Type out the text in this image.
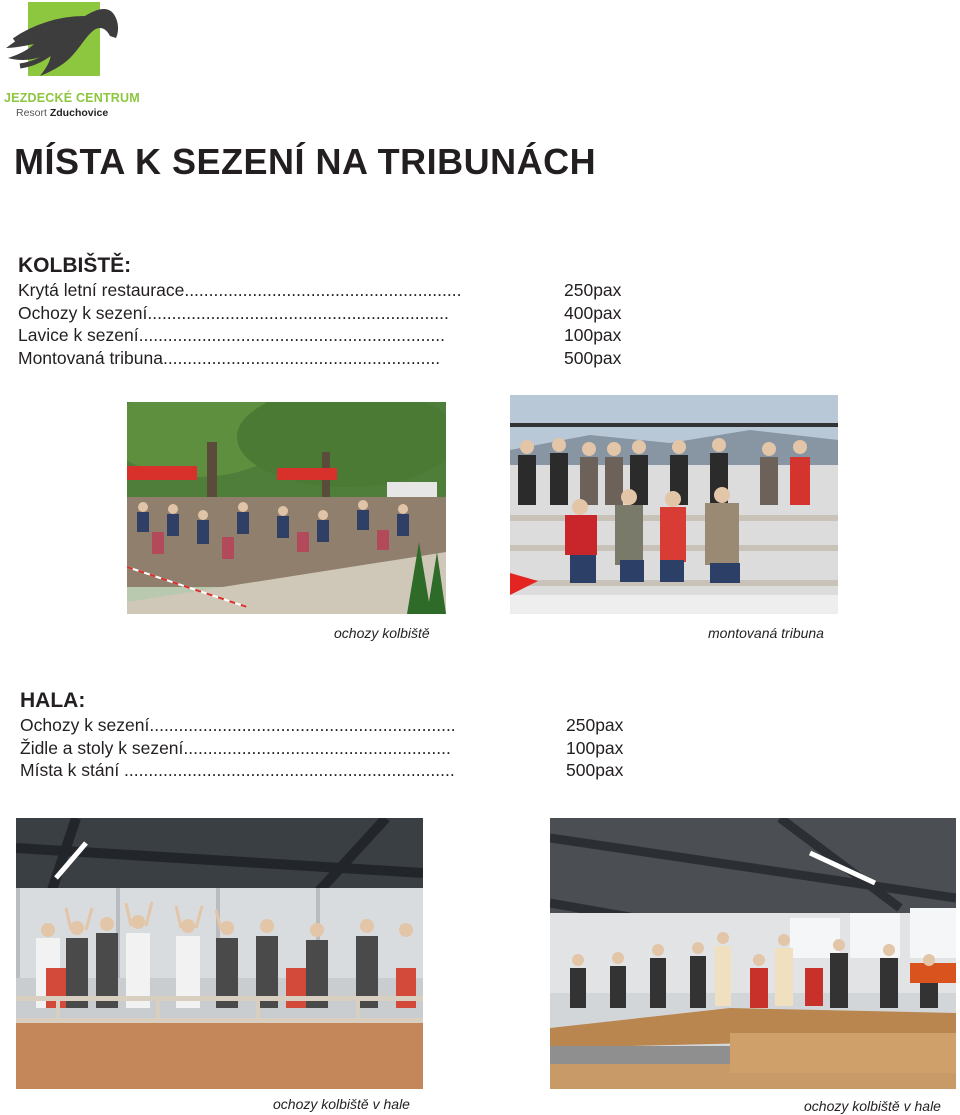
JEZDECKÉ CENTRUM
Resort Zduchovice
MÍSTA K SEZENÍ NA TRIBUNÁCH
KOLBIŠTĚ:
Krytá letní restaurace.........................................................
Ochozy k sezení..............................................................
Lavice k sezení...............................................................
Montovaná tribuna.........................................................
250pax
400pax
100pax
500pax
ochozy kolbiště	montovaná tribuna
HALA:
Ochozy k sezení...............................................................
Židle a stoly k sezení.......................................................
Místa k stání ....................................................................
250pax
100pax
500pax
ochozy kolbiště v hale	ochozy kolbiště v hale
